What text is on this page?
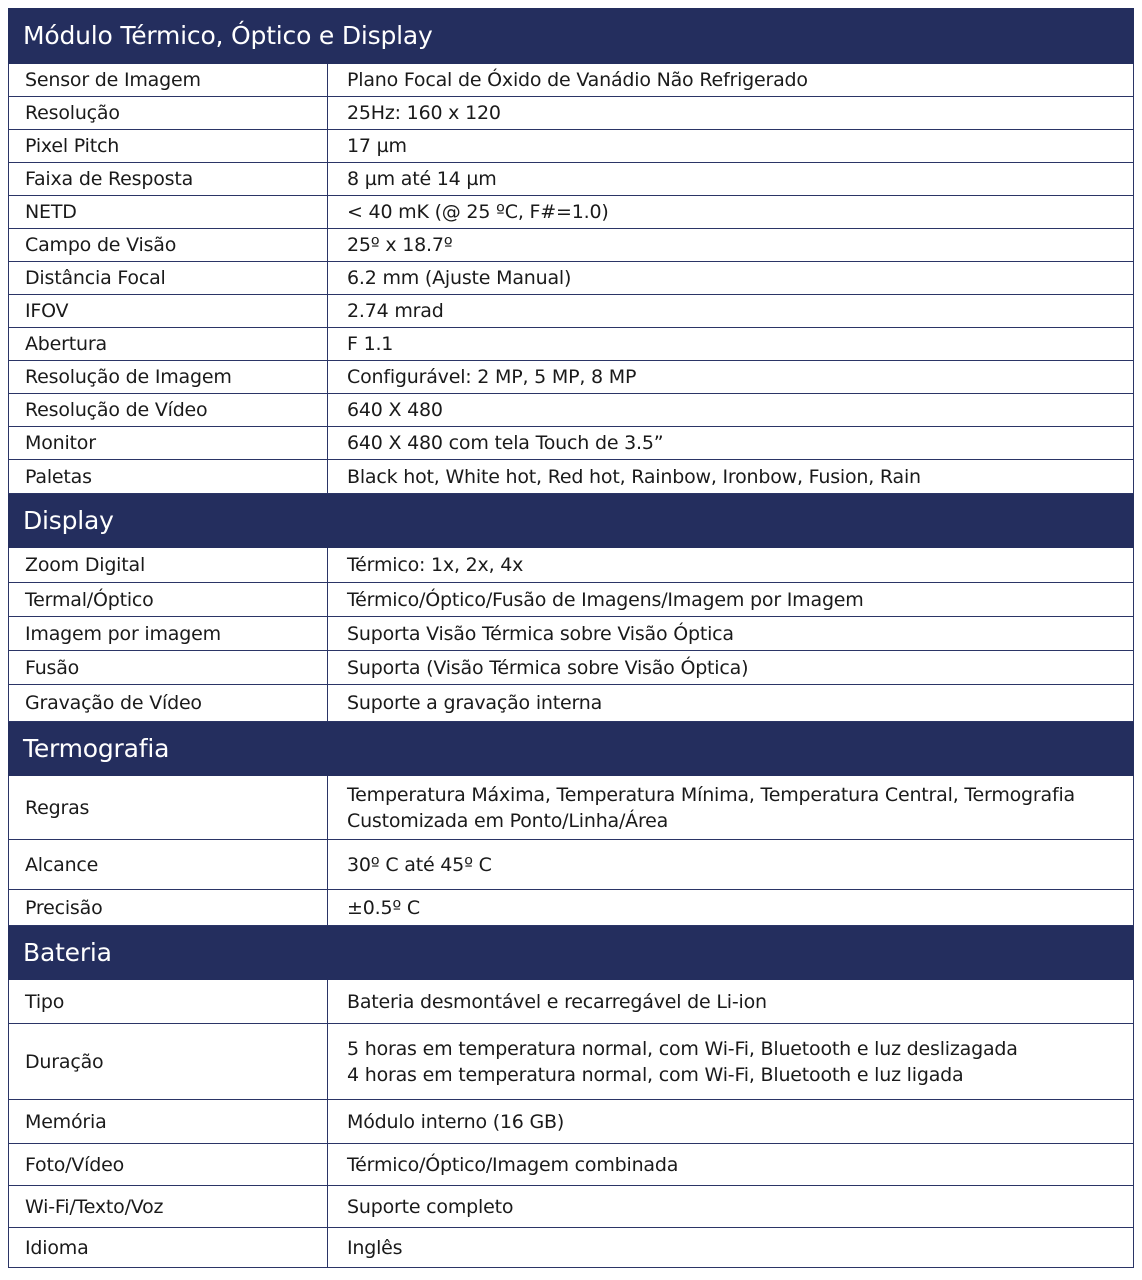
Módulo Térmico, Óptico e Display	
Sensor de Imagem	Plano Focal de Óxido de Vanádio Não Refrigerado
Resolução	25Hz: 160 x 120
Pixel Pitch	17 µm
Faixa de Resposta	8 µm até 14 µm
NETD	< 40 mK (@ 25 ºC, F#=1.0)
Campo de Visão	25º x 18.7º
Distância Focal	6.2 mm (Ajuste Manual)
IFOV	2.74 mrad
Abertura	F 1.1
Resolução de Imagem	Configurável: 2 MP, 5 MP, 8 MP
Resolução de Vídeo	640 X 480
Monitor	640 X 480 com tela Touch de 3.5”
Paletas	Black hot, White hot, Red hot, Rainbow, Ironbow, Fusion, Rain
Display	
Zoom Digital	Térmico: 1x, 2x, 4x
Termal/Óptico	Térmico/Óptico/Fusão de Imagens/Imagem por Imagem
Imagem por imagem	Suporta Visão Térmica sobre Visão Óptica
Fusão	Suporta (Visão Térmica sobre Visão Óptica)
Gravação de Vídeo	Suporte a gravação interna
Termografia	
Regras	Temperatura Máxima, Temperatura Mínima, Temperatura Central, Termografia
Customizada em Ponto/Linha/Área

Alcance	30º C até 45º C
Precisão	±0.5º C
Bateria	
Tipo	Bateria desmontável e recarregável de Li-ion
Duração	5 horas em temperatura normal, com Wi-Fi, Bluetooth e luz deslizagada
4 horas em temperatura normal, com Wi-Fi, Bluetooth e luz ligada

Memória	Módulo interno (16 GB)
Foto/Vídeo	Térmico/Óptico/Imagem combinada
Wi-Fi/Texto/Voz	Suporte completo
Idioma	Inglês
